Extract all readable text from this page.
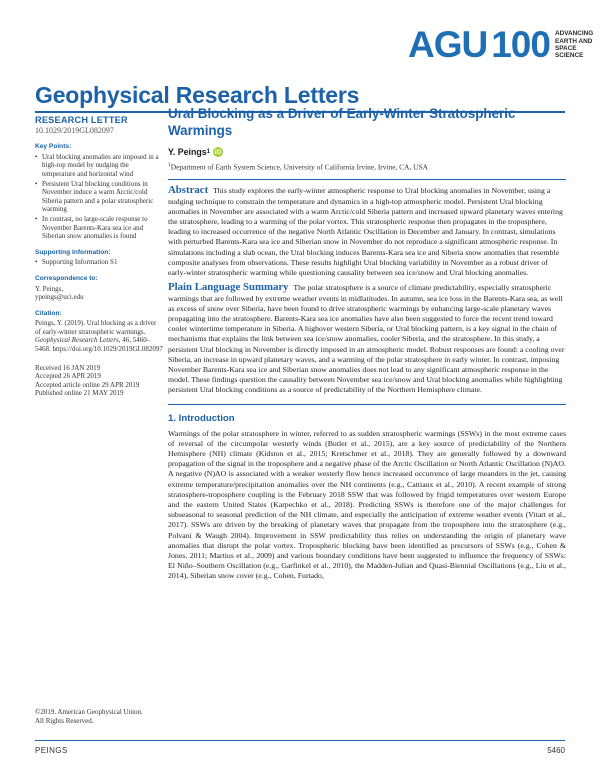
AGU 100 ADVANCING
EARTH AND
SPACE SCIENCE
Geophysical Research Letters
RESEARCH LETTER
10.1029/2019GL082097
Key Points:
• Ural blocking anomalies are imposed in a high-top model by nudging the temperature and horizontal wind
• Persistent Ural blocking conditions in November induce a warm Arctic/cold Siberia pattern and a polar stratospheric warming
• In contrast, no large-scale response to November Barents-Kara sea ice and Siberian snow anomalies is found
Supporting Information:
• Supporting Information S1
Correspondence to:
Y. Peings,
ypeings@uci.edu
Citation:
Peings, Y. (2019). Ural blocking as a driver of early-winter stratospheric warmings. Geophysical Research Letters, 46, 5460–5468. https://doi.org/10.1029/2019GL082097
Received 16 JAN 2019
Accepted 26 APR 2019
Accepted article online 29 APR 2019
Published online 21 MAY 2019
©2019. American Geophysical Union.
All Rights Reserved.
Ural Blocking as a Driver of Early-Winter Stratospheric Warmings
Y. Peings 1 iD
$^1$Department of Earth System Science, University of California Irvine, Irvine, CA, USA
Abstract This study explores the early-winter atmospheric response to Ural blocking anomalies in November, using a nudging technique to constrain the temperature and dynamics in a high-top atmospheric model. Persistent Ural blocking anomalies in November are associated with a warm Arctic/cold Siberia pattern and increased upward planetary waves entering the stratosphere, leading to a warming of the polar vortex. This stratospheric response then propagates in the troposphere, leading to increased occurrence of the negative North Atlantic Oscillation in December and January. In contrast, simulations with perturbed Barents-Kara sea ice and Siberian snow in November do not reproduce a significant atmospheric response. In simulations including a slab ocean, the Ural blocking induces Barents-Kara sea ice and Siberia snow anomalies that resemble composite analyses from observations. These results highlight Ural blocking variability in November as a robust driver of early-winter stratospheric warming while questioning causality between sea ice/snow and Ural blocking anomalies.
Plain Language Summary The polar stratosphere is a source of climate predictability, especially stratospheric warmings that are followed by extreme weather events in midlatitudes. In autumn, sea ice loss in the Barents-Kara sea, as well as excess of snow over Siberia, have been found to drive stratospheric warmings by enhancing large-scale planetary waves propagating into the stratosphere. Barents-Kara sea ice anomalies have also been suggested to force the recent trend toward cooler wintertime temperature in Siberia. A highover western Siberia, or Ural blocking pattern, is a key signal in the chain of mechanisms that explains the link between sea ice/snow anomalies, cooler Siberia, and the stratosphere. In this study, a persistent Ural blocking in November is directly imposed in an atmospheric model. Robust responses are found: a cooling over Siberia, an increase in upward planetary waves, and a warming of the polar stratosphere in early winter. In contrast, imposing November Barents-Kara sea ice and Siberian snow anomalies does not lead to any significant atmospheric response in the model. These findings question the causality between November sea ice/snow and Ural blocking anomalies while highlighting persistent Ural blocking conditions as a source of predictability of the Northern Hemisphere climate.
1. Introduction
Warmings of the polar stratosphere in winter, referred to as sudden stratospheric warmings (SSWs) in the most extreme cases of reversal of the circumpolar westerly winds (Butler et al., 2015), are a key source of predictability of the Northern Hemisphere (NH) climate (Kidston et al., 2015; Kretschmer et al., 2018). They are generally followed by a downward propagation of the signal in the troposphere and a negative phase of the Arctic Oscillation or North Atlantic Oscillation (N)AO. A negative (N)AO is associated with a weaker westerly flow hence increased occurrence of large meanders in the jet, causing extreme temperature/precipitation anomalies over the NH continents (e.g., Cattiaux et al., 2010). A recent example of strong stratosphere-troposphere coupling is the February 2018 SSW that was followed by frigid temperatures over western Europe and the eastern United States (Karpechko et al., 2018). Predicting SSWs is therefore one of the major challenges for subseasonal to seasonal prediction of the NH climate, and especially the anticipation of extreme weather events (Vitart et al., 2017). SSWs are driven by the breaking of planetary waves that propagate from the troposphere into the stratosphere (e.g., Polvani & Waugh 2004). Improvement in SSW predictability thus relies on understanding the origin of planetary wave anomalies that disrupt the polar vortex. Tropospheric blocking have been identified as precursors of SSWs (e.g., Cohen & Jones, 2011; Martius et al., 2009) and various boundary conditions have been suggested to influence the frequency of SSWs: El Niño–Southern Oscillation (e.g., Garfinkel et al., 2010), the Madden-Julian and Quasi-Biennial Oscillations (e.g., Liu et al., 2014), Siberian snow cover (e.g., Cohen, Furtado,
PEINGS	5460
